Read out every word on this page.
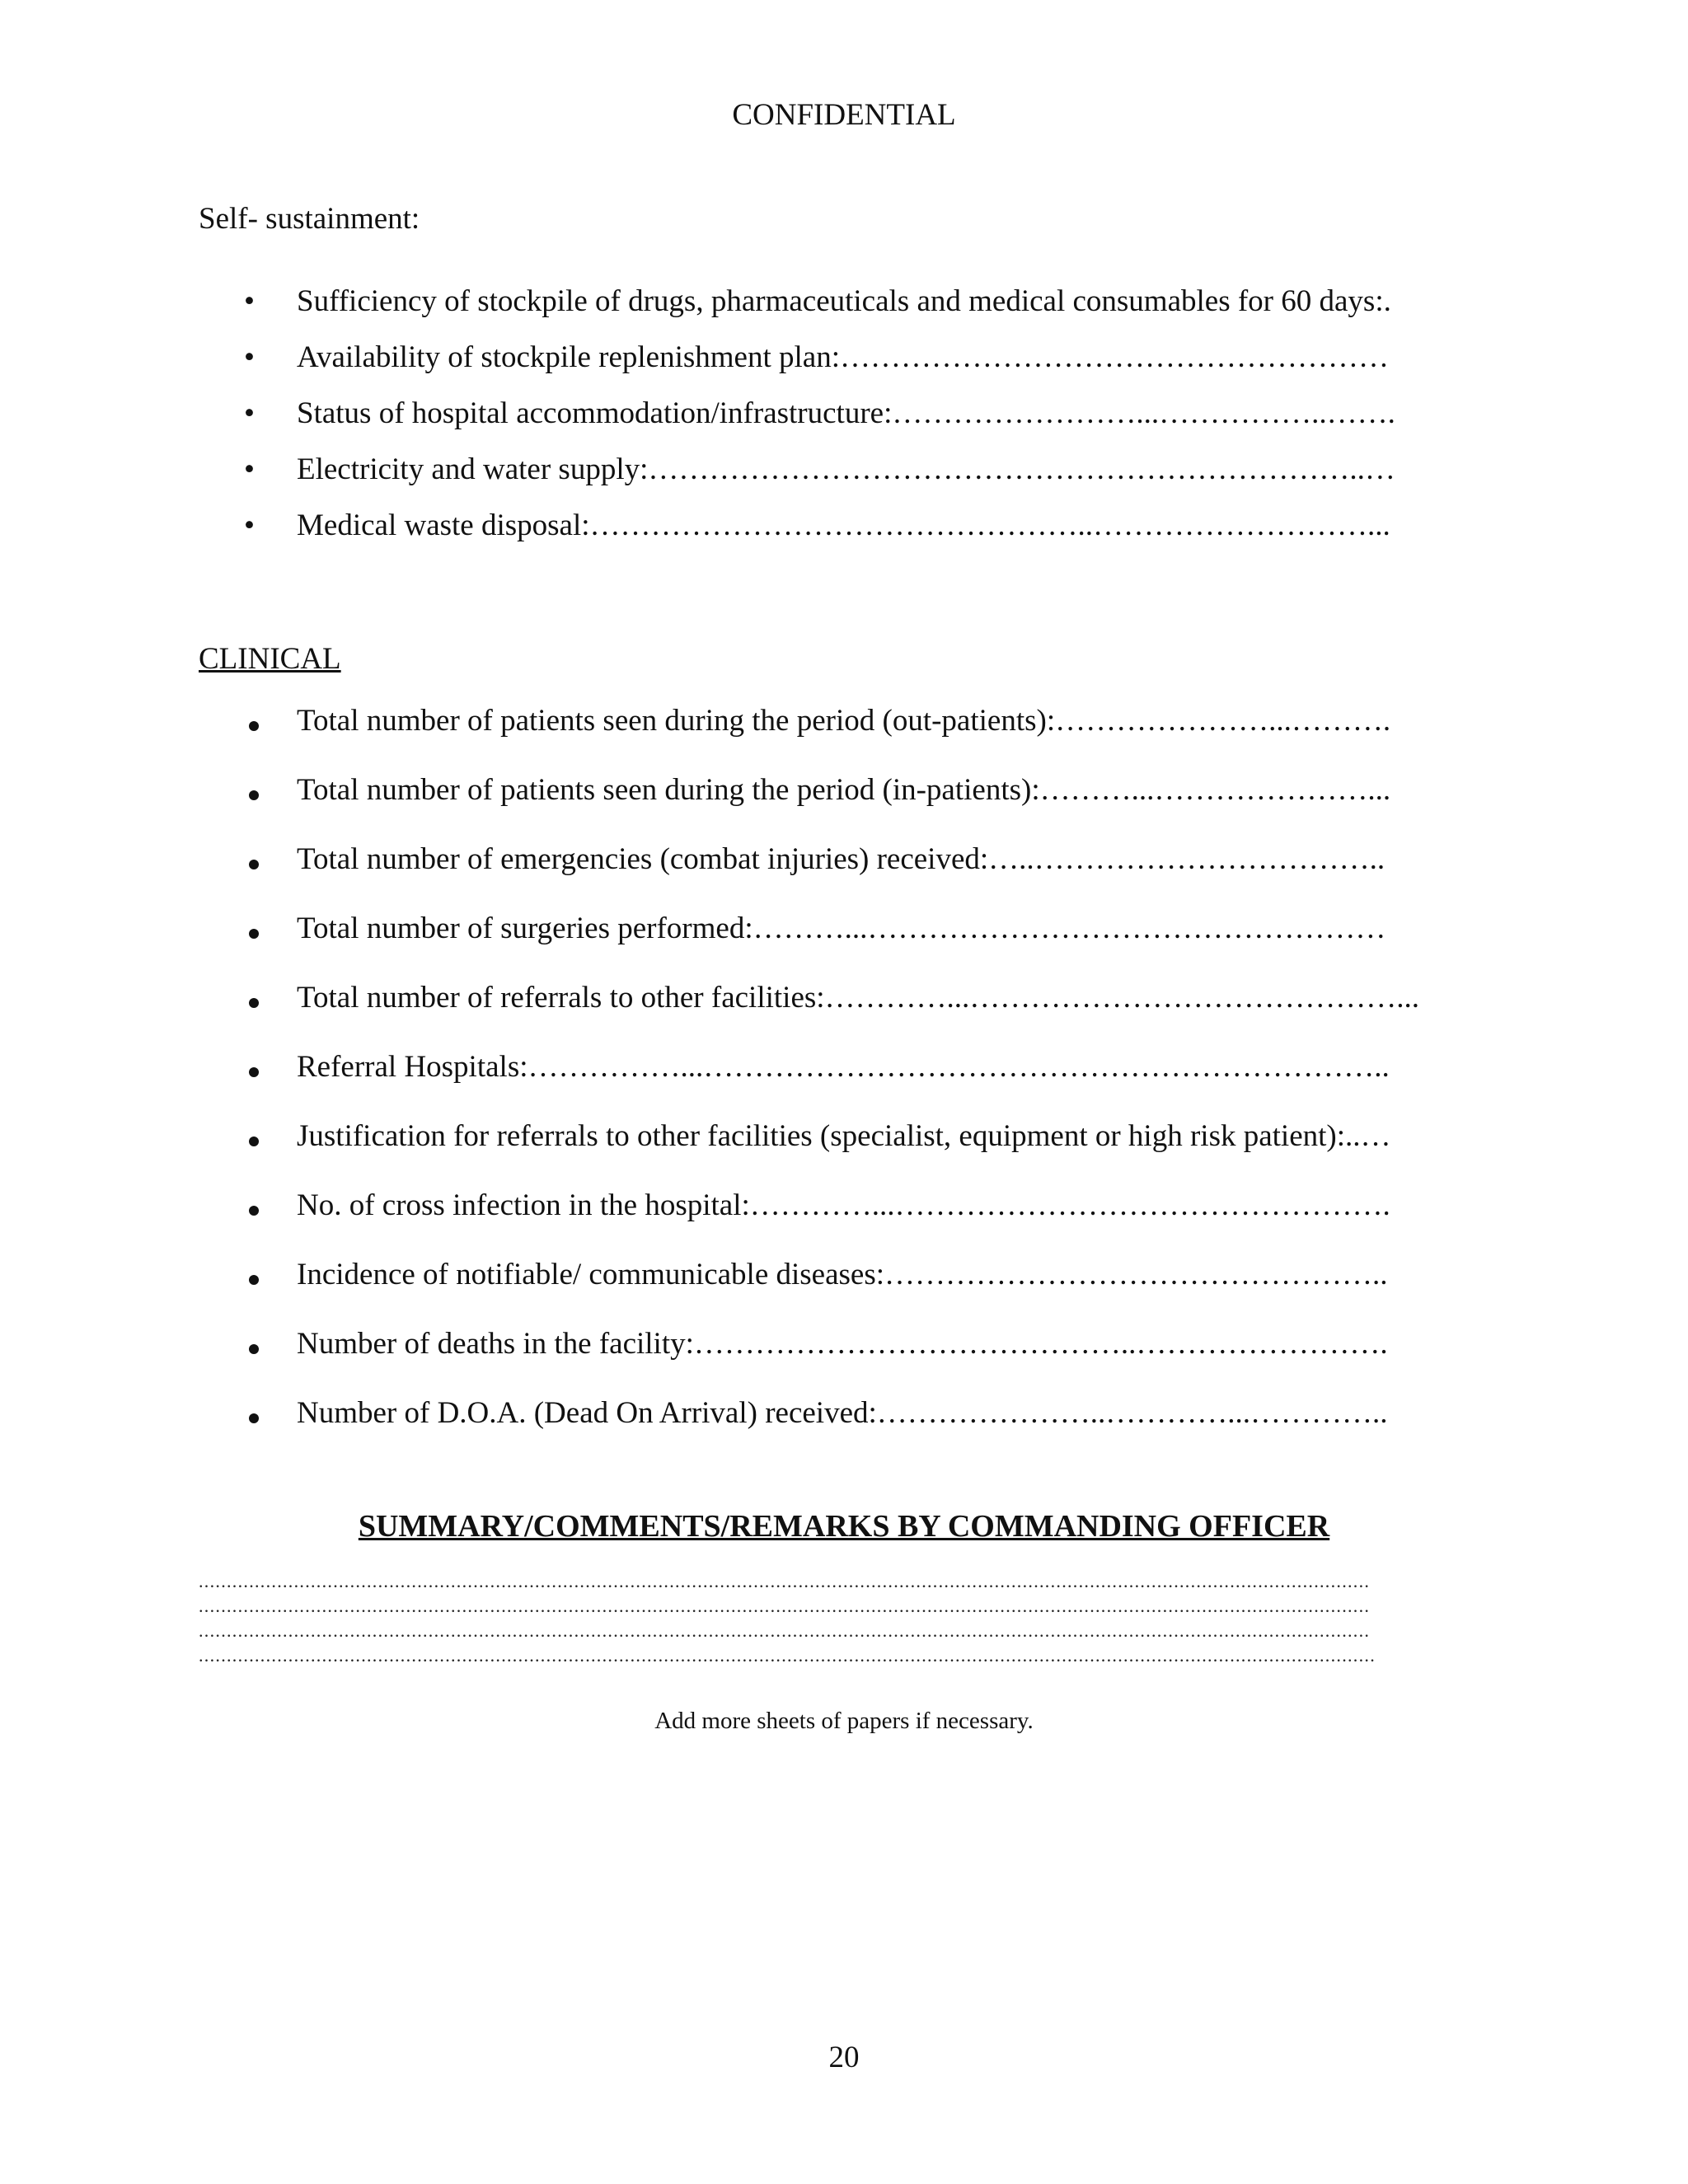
CONFIDENTIAL
Self- sustainment:
• Sufficiency of stockpile of drugs, pharmaceuticals and medical consumables for 60 days:.
• Availability of stockpile replenishment plan:………………………………………………
• Status of hospital accommodation/infrastructure:……………………...……………..…….
• Electricity and water supply:……………………………………………………………..…
• Medical waste disposal:…………………………………………..………………………...
CLINICAL
Total number of patients seen during the period (out-patients):…………………...……….
Total number of patients seen during the period (in-patients):………...…………………...
Total number of emergencies (combat injuries) received:…..……………………………..
Total number of surgeries performed:………...……………………………………………
Total number of referrals to other facilities:…………...……………………………………...
Referral Hospitals:……………...…………………………………………………………..
Justification for referrals to other facilities (specialist, equipment or high risk patient):..…
No. of cross infection in the hospital:…………...………………………………………….
Incidence of notifiable/ communicable diseases:…………………………………………..
Number of deaths in the facility:……………………………………..…………………….
Number of D.O.A. (Dead On Arrival) received:…………………..…………...…………..
SUMMARY/COMMENTS/REMARKS BY COMMANDING OFFICER
.................................................................................................................................................................................................................
.................................................................................................................................................................................................................
.................................................................................................................................................................................................................
..................................................................................................................................................................................................................
Add more sheets of papers if necessary.
20
